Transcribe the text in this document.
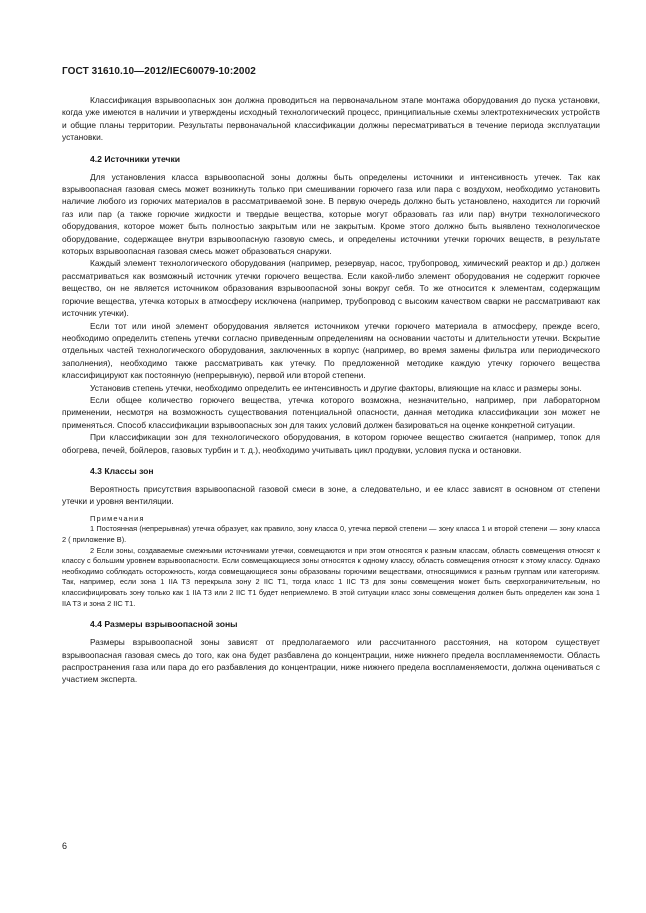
ГОСТ 31610.10—2012/IEC60079-10:2002

Классификация взрывоопасных зон должна проводиться на первоначальном этапе монтажа оборудования до пуска установки, когда уже имеются в наличии и утверждены исходный технологический процесс, принципиальные схемы электротехнических устройств и общие планы территории. Результаты первоначальной классификации должны пересматриваться в течение периода эксплуатации установки.

4.2 Источники утечки

Для установления класса взрывоопасной зоны должны быть определены источники и интенсивность утечек. Так как взрывоопасная газовая смесь может возникнуть только при смешивании горючего газа или пара с воздухом, необходимо установить наличие любого из горючих материалов в рассматриваемой зоне. В первую очередь должно быть установлено, находится ли горючий газ или пар (а также горючие жидкости и твердые вещества, которые могут образовать газ или пар) внутри технологического оборудования, которое может быть полностью закрытым или не закрытым. Кроме этого должно быть выявлено технологическое оборудование, содержащее внутри взрывоопасную газовую смесь, и определены источники утечки горючих веществ, в результате которых взрывоопасная газовая смесь может образоваться снаружи.

Каждый элемент технологического оборудования (например, резервуар, насос, трубопровод, химический реактор и др.) должен рассматриваться как возможный источник утечки горючего вещества. Если какой-либо элемент оборудования не содержит горючее вещество, он не является источником образования взрывоопасной зоны вокруг себя. То же относится к элементам, содержащим горючие вещества, утечка которых в атмосферу исключена (например, трубопровод с высоким качеством сварки не рассматривают как источник утечки).

Если тот или иной элемент оборудования является источником утечки горючего материала в атмосферу, прежде всего, необходимо определить степень утечки согласно приведенным определениям на основании частоты и длительности утечки. Вскрытие отдельных частей технологического оборудования, заключенных в корпус (например, во время замены фильтра или периодического заполнения), необходимо также рассматривать как утечку. По предложенной методике каждую утечку горючего вещества классифицируют как постоянную (непрерывную), первой или второй степени.

Установив степень утечки, необходимо определить ее интенсивность и другие факторы, влияющие на класс и размеры зоны.

Если общее количество горючего вещества, утечка которого возможна, незначительно, например, при лабораторном применении, несмотря на возможность существования потенциальной опасности, данная методика классификации зон может не применяться. Способ классификации взрывоопасных зон для таких условий должен базироваться на оценке конкретной ситуации.

При классификации зон для технологического оборудования, в котором горючее вещество сжигается (например, топок для обогрева, печей, бойлеров, газовых турбин и т. д.), необходимо учитывать цикл продувки, условия пуска и остановки.

4.3 Классы зон

Вероятность присутствия взрывоопасной газовой смеси в зоне, а следовательно, и ее класс зависят в основном от степени утечки и уровня вентиляции.

Примечания

1 Постоянная (непрерывная) утечка образует, как правило, зону класса 0, утечка первой степени — зону класса 1 и второй степени — зону класса 2 ( приложение В).

2 Если зоны, создаваемые смежными источниками утечки, совмещаются и при этом относятся к разным классам, область совмещения относят к классу с большим уровнем взрывоопасности. Если совмещающиеся зоны относятся к одному классу, область совмещения относят к этому классу. Однако необходимо соблюдать осторожность, когда совмещающиеся зоны образованы горючими веществами, относящимися к разным группам или категориям. Так, например, если зона 1 IIA T3 перекрыла зону 2 IIC T1, тогда класс 1 IIC T3 для зоны совмещения может быть сверхограничительным, но классифицировать зону только как 1 IIA T3 или 2 IIC T1 будет неприемлемо. В этой ситуации класс зоны совмещения должен быть определен как зона 1 IIA T3 и зона 2 IIC T1.

4.4 Размеры взрывоопасной зоны

Размеры взрывоопасной зоны зависят от предполагаемого или рассчитанного расстояния, на котором существует взрывоопасная газовая смесь до того, как она будет разбавлена до концентрации, ниже нижнего предела воспламеняемости. Область распространения газа или пара до его разбавления до концентрации, ниже нижнего предела воспламеняемости, должна оцениваться с участием эксперта.

6
